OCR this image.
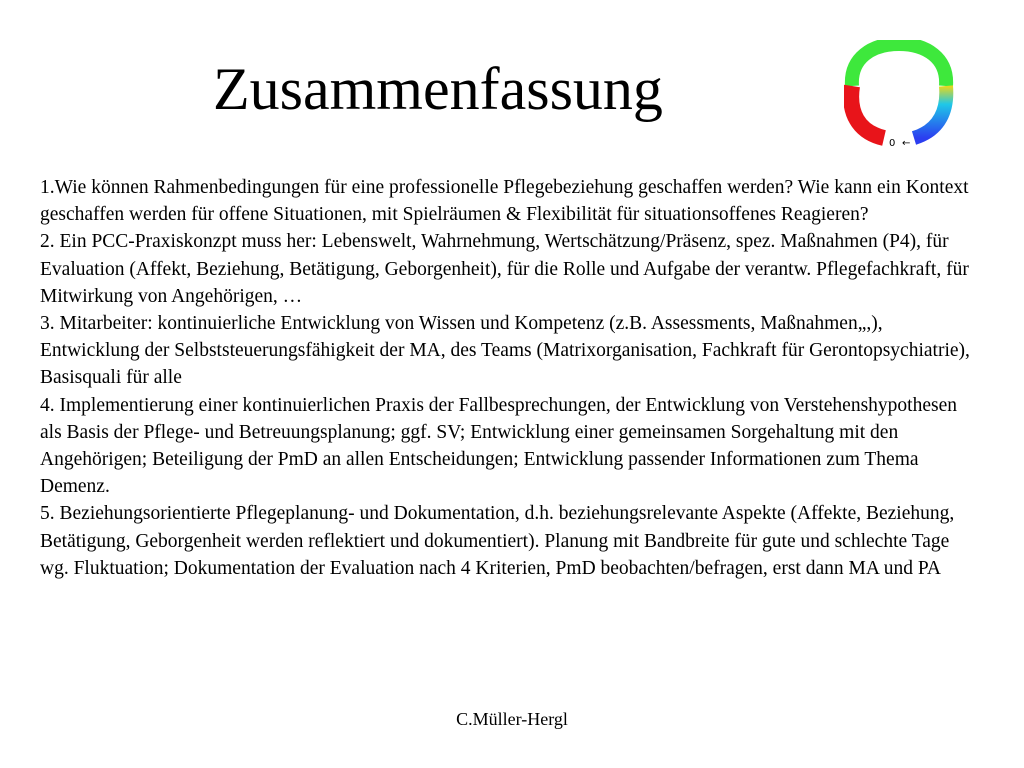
Zusammenfassung
0 ←

1.Wie können Rahmenbedingungen für eine professionelle Pflegebeziehung geschaffen werden? Wie kann ein Kontext geschaffen werden für offene Situationen, mit Spielräumen & Flexibilität für situationsoffenes Reagieren?

2. Ein PCC-Praxiskonzpt muss her: Lebenswelt, Wahrnehmung, Wertschätzung/Präsenz, spez. Maßnahmen (P4), für Evaluation (Affekt, Beziehung, Betätigung, Geborgenheit), für die Rolle und Aufgabe der verantw. Pflegefachkraft, für Mitwirkung von Angehörigen, …

3. Mitarbeiter: kontinuierliche Entwicklung von Wissen und Kompetenz (z.B. Assessments, Maßnahmen„,), Entwicklung der Selbststeuerungsfähigkeit der MA, des Teams (Matrixorganisation, Fachkraft für Gerontopsychiatrie), Basisquali für alle

4. Implementierung einer kontinuierlichen Praxis der Fallbesprechungen, der Entwicklung von Verstehenshypothesen als Basis der Pflege- und Betreuungsplanung; ggf. SV; Entwicklung einer gemeinsamen Sorgehaltung mit den Angehörigen; Beteiligung der PmD an allen Entscheidungen; Entwicklung passender Informationen zum Thema Demenz.

5. Beziehungsorientierte Pflegeplanung- und Dokumentation, d.h. beziehungsrelevante Aspekte (Affekte, Beziehung, Betätigung, Geborgenheit werden reflektiert und dokumentiert). Planung mit Bandbreite für gute und schlechte Tage wg. Fluktuation; Dokumentation der Evaluation nach 4 Kriterien, PmD beobachten/befragen, erst dann MA und PA

C.Müller-Hergl
